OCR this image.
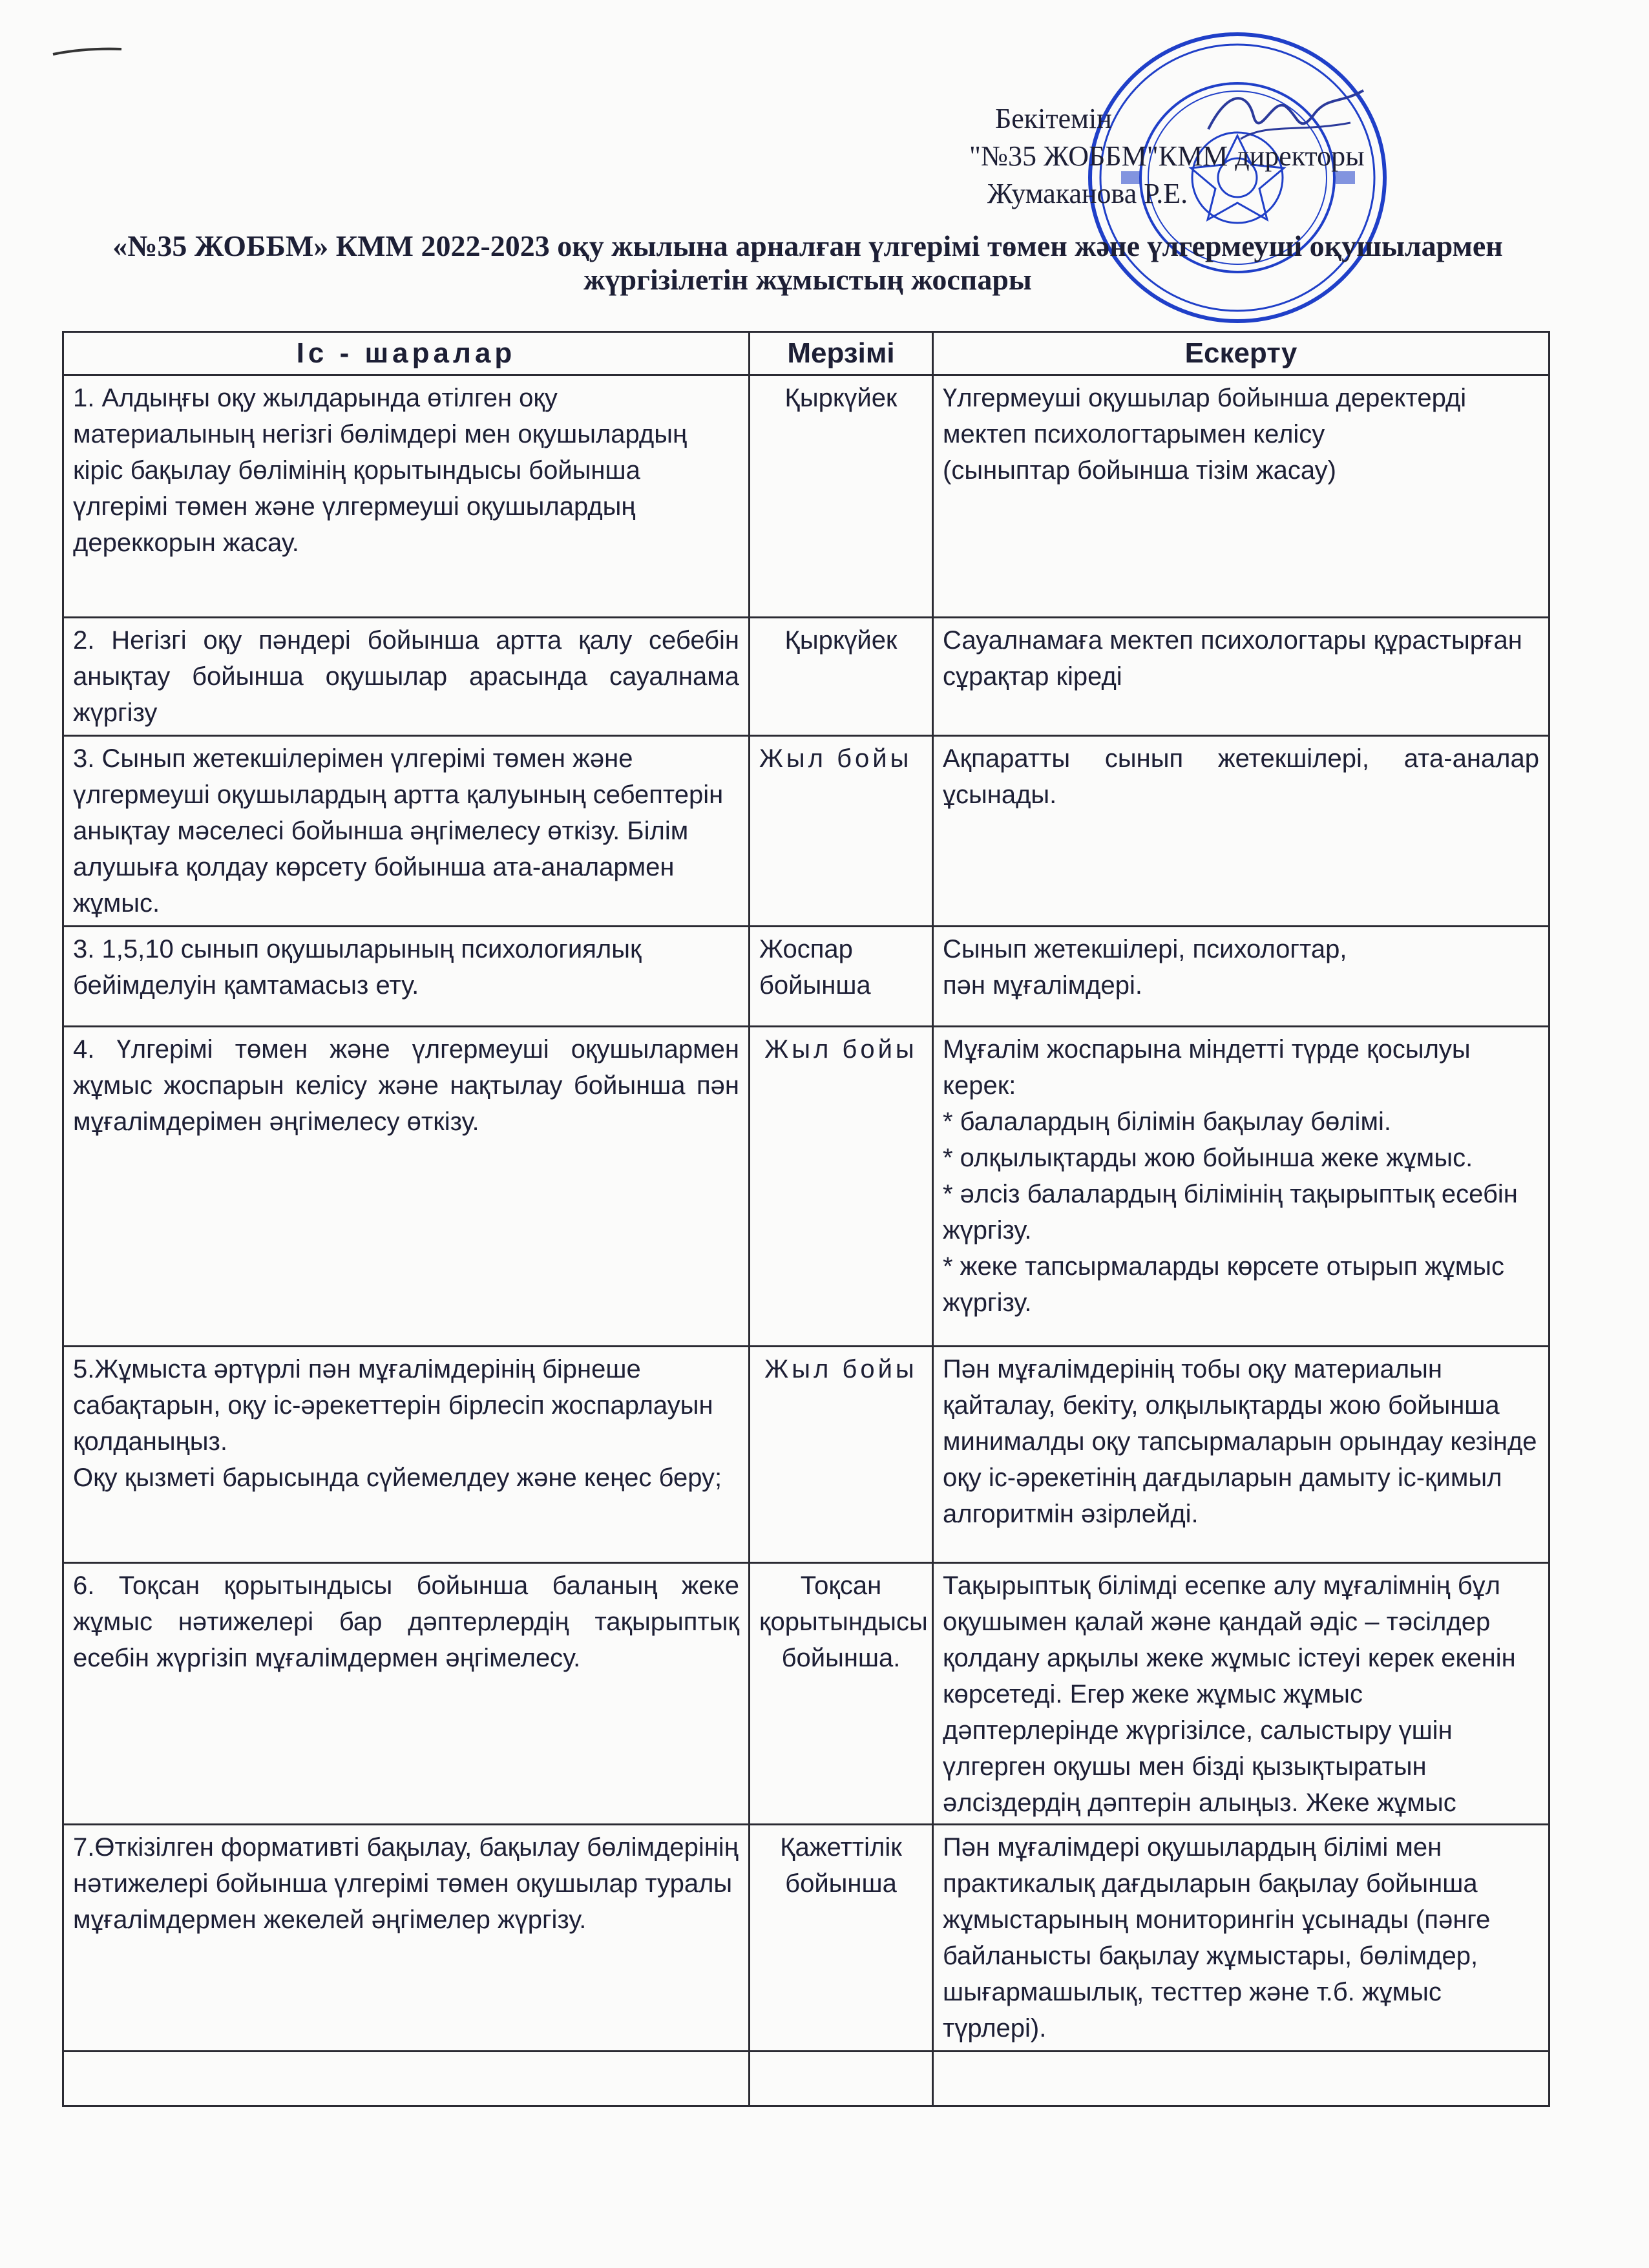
Бекітемін
"№35 ЖОББМ"КММ директоры
Жумаканова Р.Е.
«№35 ЖОББМ» КММ 2022-2023 оқу жылына арналған үлгерімі төмен және үлгермеуші оқушылармен
жүргізілетін жұмыстың жоспары
Іс - шаралар	Мерзімі	Ескерту
1. Алдыңғы оқу жылдарында өтілген оқу материалының негізгі бөлімдері мен оқушылардың кіріс бақылау бөлімінің қорытындысы бойынша үлгерімі төмен және үлгермеуші оқушылардың дереккорын жасау.	Қыркүйек	Үлгермеуші оқушылар бойынша деректерді мектеп психологтарымен келісу
(сыныптар бойынша тізім жасау)
2. Негізгі оқу пәндері бойынша артта қалу себебін анықтау бойынша оқушылар арасында сауалнама жүргізу	Қыркүйек	Сауалнамаға мектеп психологтары құрастырған сұрақтар кіреді
3. Сынып жетекшілерімен үлгерімі төмен және үлгермеуші оқушылардың артта қалуының себептерін анықтау мәселесі бойынша әңгімелесу өткізу. Білім алушыға қолдау көрсету бойынша ата-аналармен жұмыс.	Жыл бойы	Ақпаратты сынып жетекшілері, ата-аналар ұсынады.
3. 1,5,10 сынып оқушыларының психологиялық бейімделуін қамтамасыз ету.	Жоспар бойынша	Сынып жетекшілері, психологтар,
пән мұғалімдері.
4. Үлгерімі төмен және үлгермеуші оқушылармен жұмыс жоспарын келісу және нақтылау бойынша пән мұғалімдерімен әңгімелесу өткізу.	Жыл бойы	Мұғалім жоспарына міндетті түрде қосылуы керек:
* балалардың білімін бақылау бөлімі.
* олқылықтарды жою бойынша жеке жұмыс.
* әлсіз балалардың білімінің тақырыптық есебін жүргізу.
* жеке тапсырмаларды көрсете отырып жұмыс жүргізу.
5.Жұмыста әртүрлі пән мұғалімдерінің бірнеше сабақтарын, оқу іс-әрекеттерін бірлесіп жоспарлауын қолданыңыз.
Оқу қызметі барысында сүйемелдеу және кеңес беру;	Жыл бойы	Пән мұғалімдерінің тобы оқу материалын қайталау, бекіту, олқылықтарды жою бойынша минималды оқу тапсырмаларын орындау кезінде оқу іс-әрекетінің дағдыларын дамыту іс-қимыл алгоритмін әзірлейді.
6. Тоқсан қорытындысы бойынша баланың жеке жұмыс нәтижелері бар дәптерлердің тақырыптық есебін жүргізіп мұғалімдермен әңгімелесу.	Тоқсан қорытындысы бойынша.	Тақырыптық білімді есепке алу мұғалімнің бұл оқушымен қалай және қандай әдіс – тәсілдер қолдану арқылы жеке жұмыс істеуі керек екенін көрсетеді. Егер жеке жұмыс жұмыс дәптерлерінде жүргізілсе, салыстыру үшін үлгерген оқушы мен бізді қызықтыратын әлсіздердің дәптерін алыңыз. Жеке жұмыс

7.Өткізілген формативті бақылау, бақылау бөлімдерінің нәтижелері бойынша үлгерімі төмен оқушылар туралы мұғалімдермен жекелей әңгімелер жүргізу.	Қажеттілік бойынша	Пән мұғалімдері оқушылардың білімі мен практикалық дағдыларын бақылау бойынша жұмыстарының мониторингін ұсынады (пәнге байланысты бақылау жұмыстары, бөлімдер, шығармашылық, тесттер және т.б. жұмыс түрлері).
